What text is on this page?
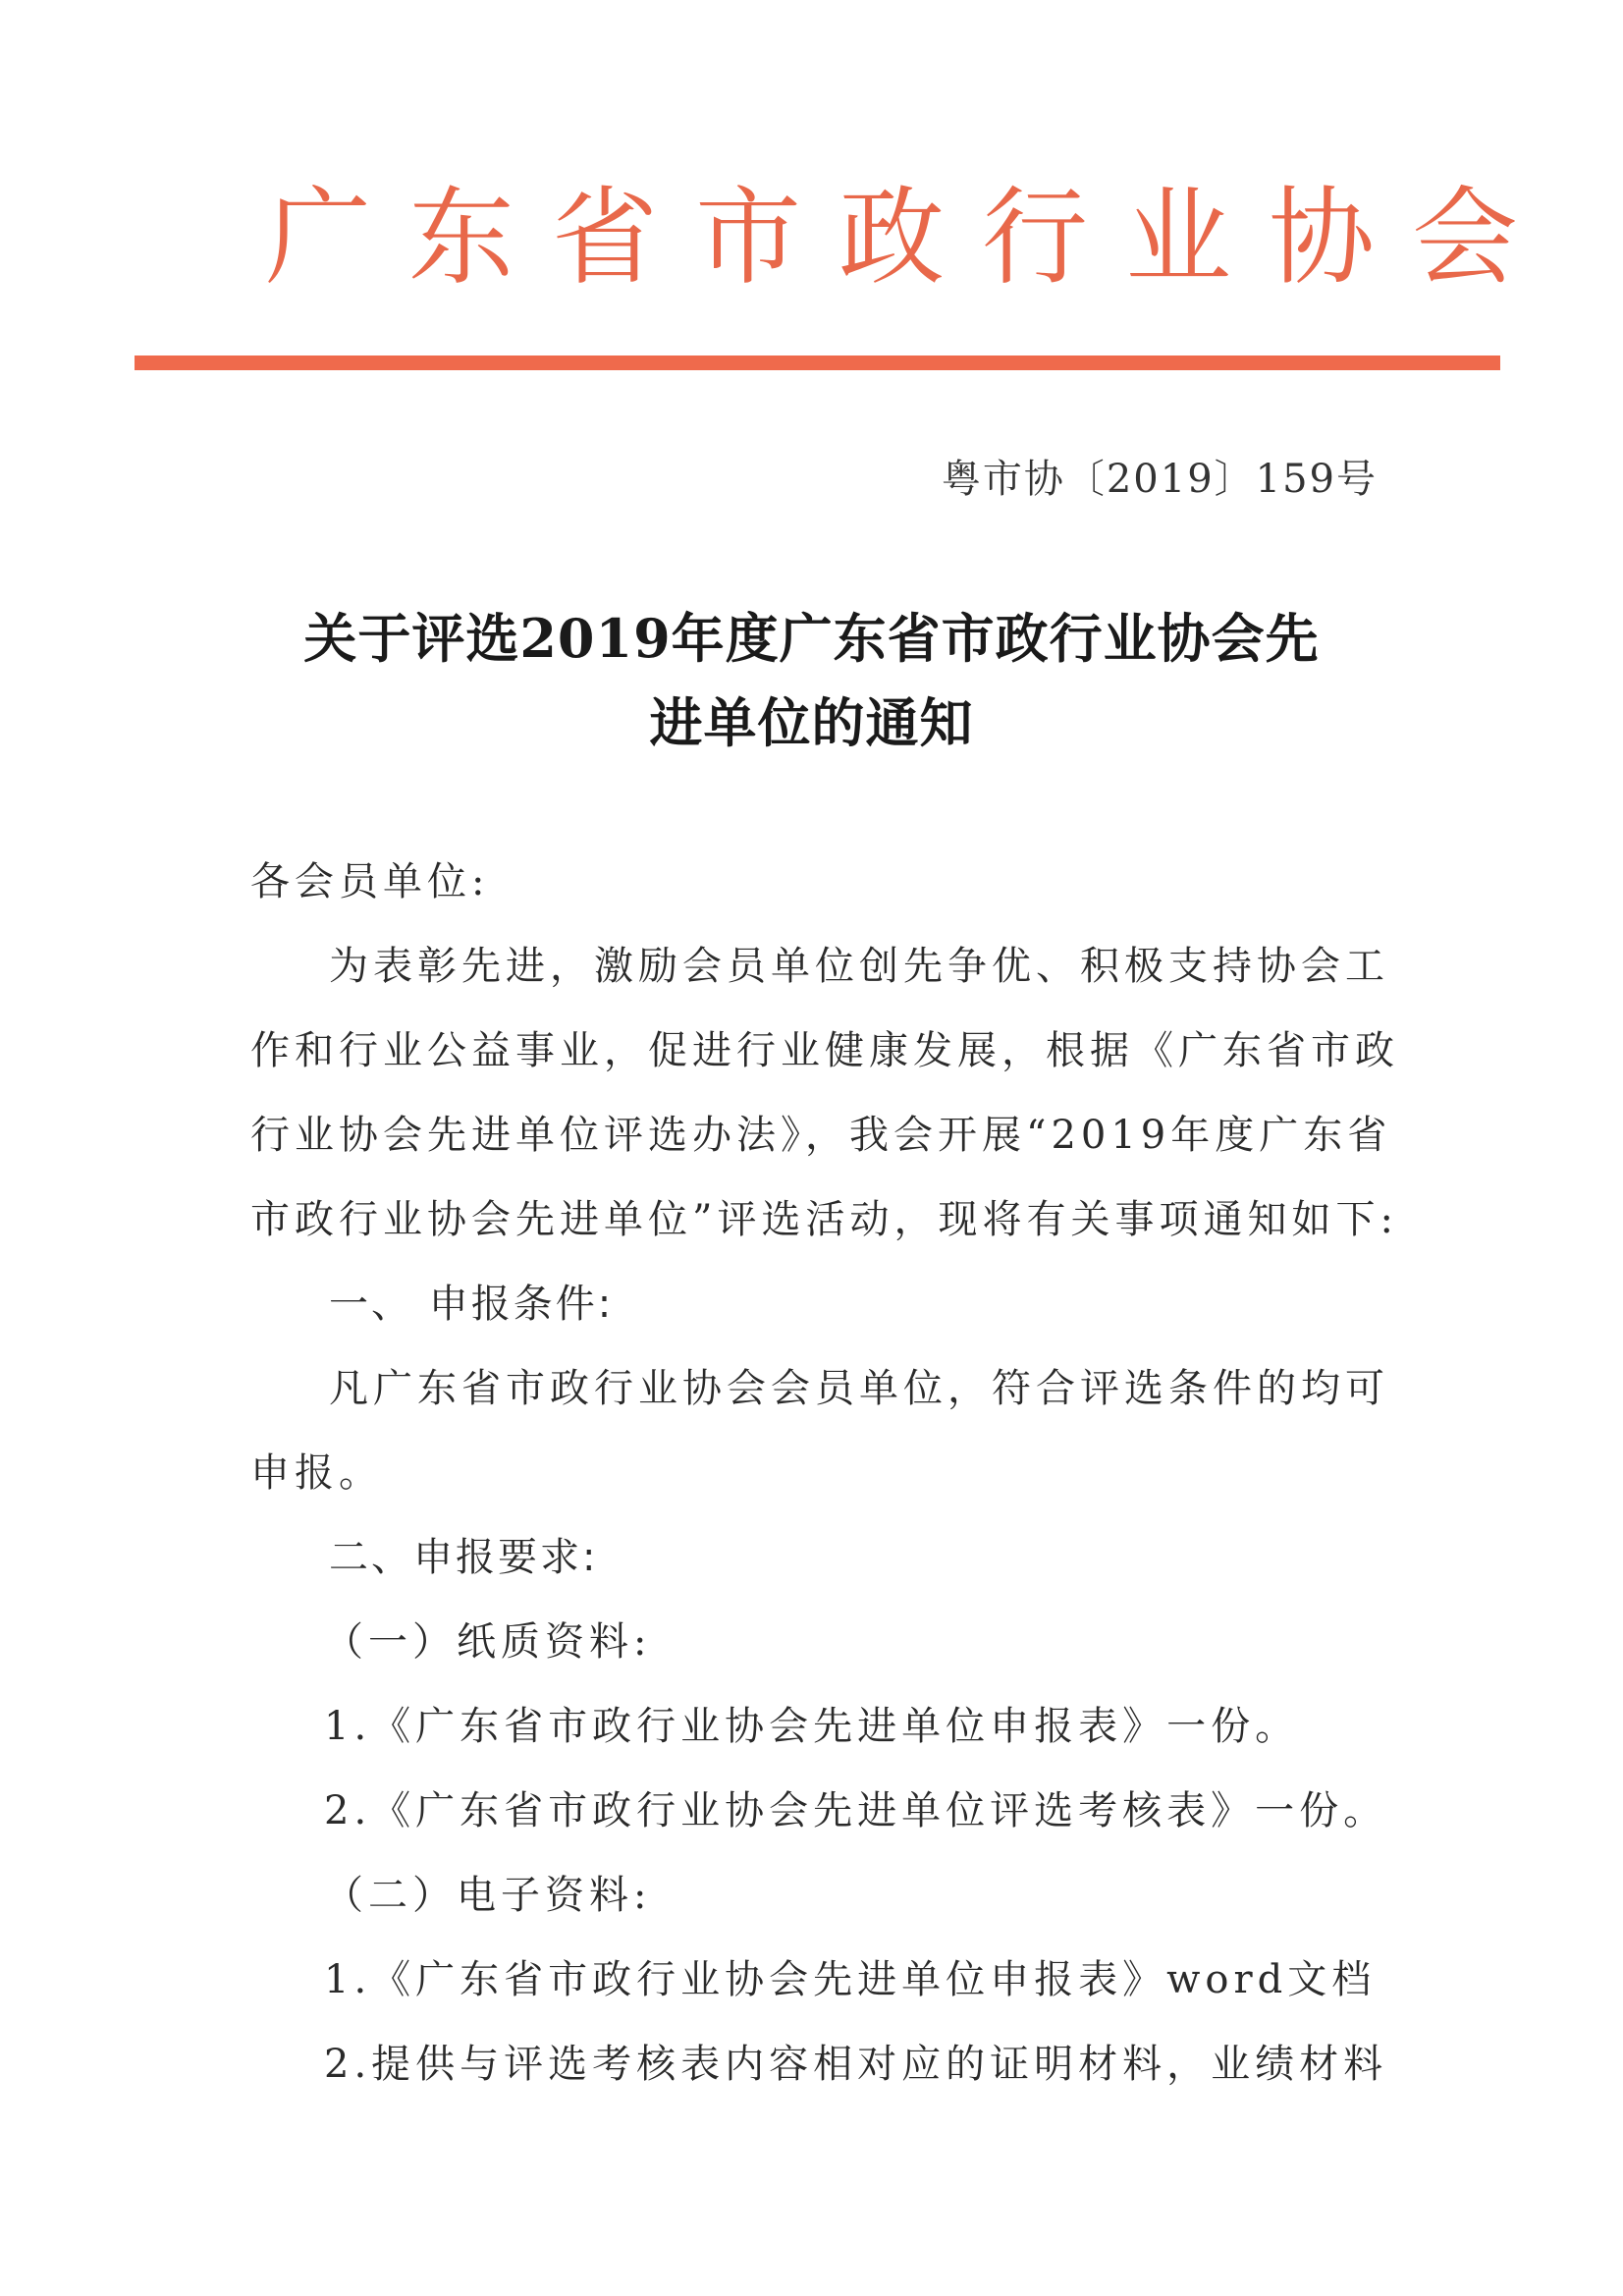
广东省市政行业协会
粤市协〔2019〕159号
关于评选2019年度广东省市政行业协会先
进单位的通知
各会员单位:
为表彰先进，激励会员单位创先争优、积极支持协会工
作和行业公益事业，促进行业健康发展，根据《广东省市政
行业协会先进单位评选办法》，我会开展“2019年度广东省
市政行业协会先进单位”评选活动，现将有关事项通知如下:
一、 申报条件:
凡广东省市政行业协会会员单位，符合评选条件的均可
申报。
二、申报要求:
（一）纸质资料:
1.《广东省市政行业协会先进单位申报表》一份。
2.《广东省市政行业协会先进单位评选考核表》一份。
（二）电子资料:
1.《广东省市政行业协会先进单位申报表》word文档
2.提供与评选考核表内容相对应的证明材料，业绩材料
